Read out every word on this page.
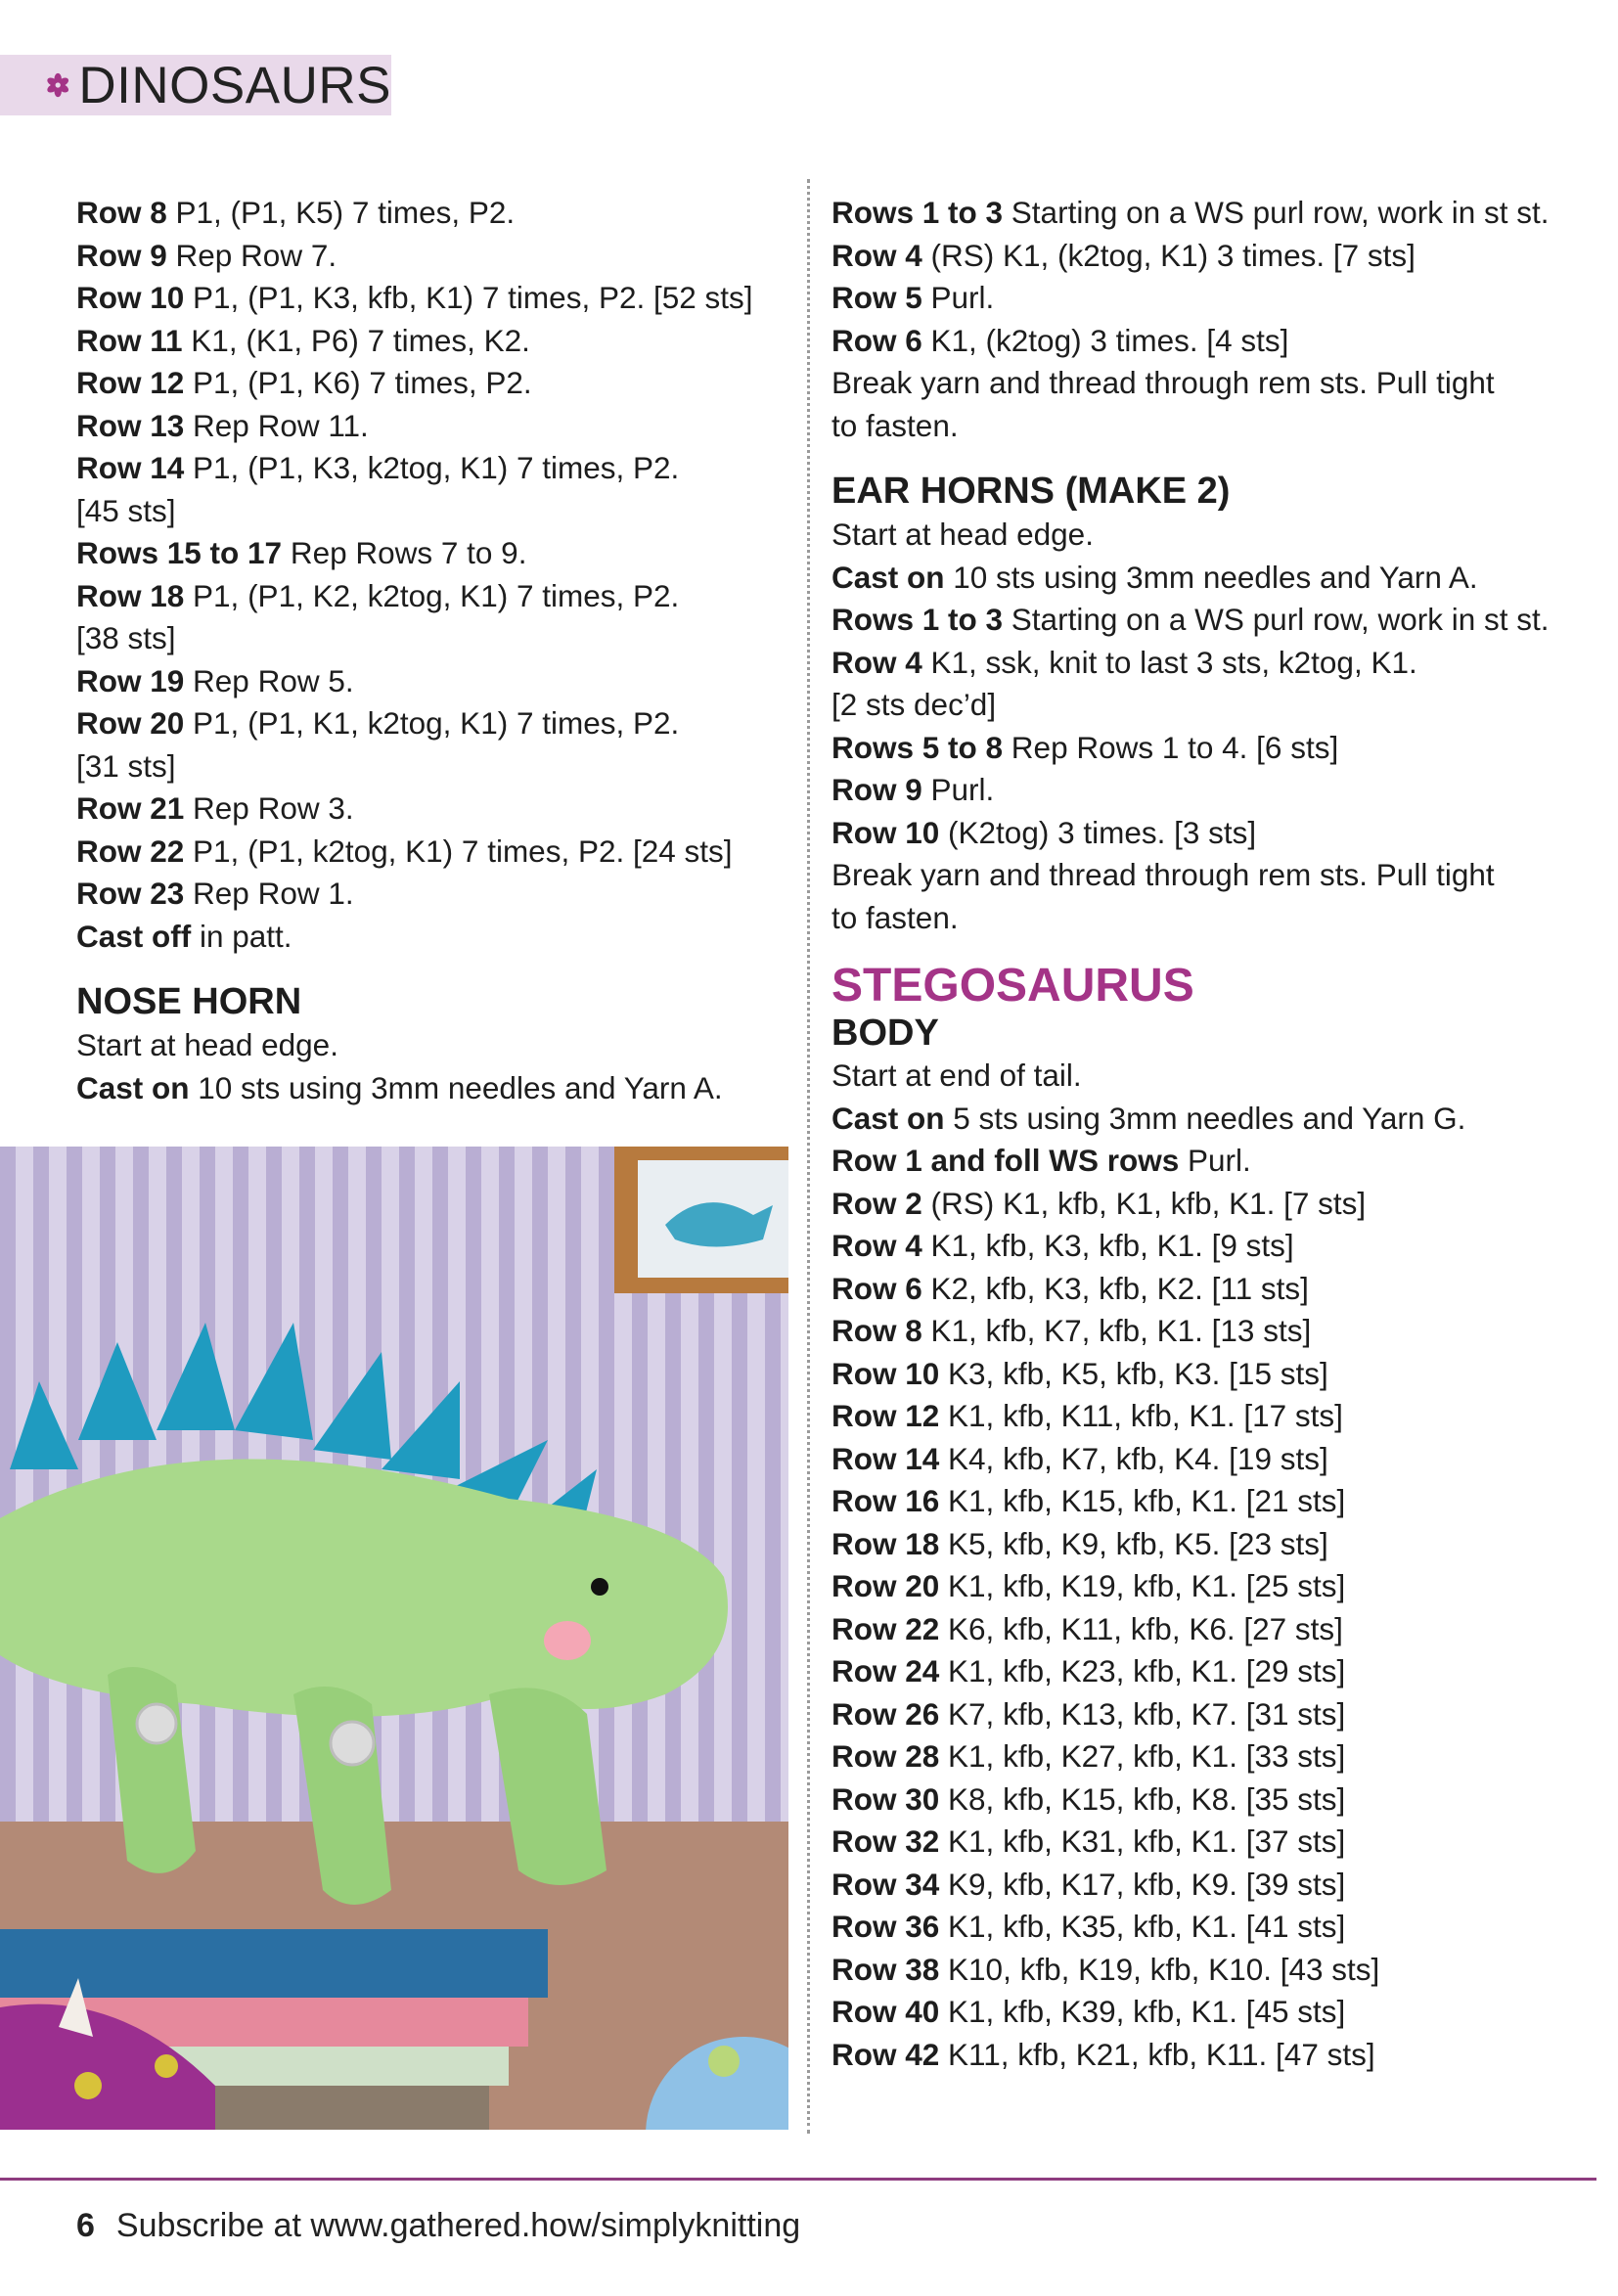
DINOSAURS
Row 8 P1, (P1, K5) 7 times, P2.
Row 9 Rep Row 7.
Row 10 P1, (P1, K3, kfb, K1) 7 times, P2. [52 sts]
Row 11 K1, (K1, P6) 7 times, K2.
Row 12 P1, (P1, K6) 7 times, P2.
Row 13 Rep Row 11.
Row 14 P1, (P1, K3, k2tog, K1) 7 times, P2.
[45 sts]
Rows 15 to 17 Rep Rows 7 to 9.
Row 18 P1, (P1, K2, k2tog, K1) 7 times, P2.
[38 sts]
Row 19 Rep Row 5.
Row 20 P1, (P1, K1, k2tog, K1) 7 times, P2.
[31 sts]
Row 21 Rep Row 3.
Row 22 P1, (P1, k2tog, K1) 7 times, P2. [24 sts]
Row 23 Rep Row 1.
Cast off in patt.
NOSE HORN
Start at head edge.
Cast on 10 sts using 3mm needles and Yarn A.
Rows 1 to 3 Starting on a WS purl row, work in st st.
Row 4 (RS) K1, (k2tog, K1) 3 times. [7 sts]
Row 5 Purl.
Row 6 K1, (k2tog) 3 times. [4 sts]
Break yarn and thread through rem sts. Pull tight
to fasten.
EAR HORNS (MAKE 2)
Start at head edge.
Cast on 10 sts using 3mm needles and Yarn A.
Rows 1 to 3 Starting on a WS purl row, work in st st.
Row 4 K1, ssk, knit to last 3 sts, k2tog, K1.
[2 sts dec’d]
Rows 5 to 8 Rep Rows 1 to 4. [6 sts]
Row 9 Purl.
Row 10 (K2tog) 3 times. [3 sts]
Break yarn and thread through rem sts. Pull tight
to fasten.
STEGOSAURUS
BODY
Start at end of tail.
Cast on 5 sts using 3mm needles and Yarn G.
Row 1 and foll WS rows Purl.
Row 2 (RS) K1, kfb, K1, kfb, K1. [7 sts]
Row 4 K1, kfb, K3, kfb, K1. [9 sts]
Row 6 K2, kfb, K3, kfb, K2. [11 sts]
Row 8 K1, kfb, K7, kfb, K1. [13 sts]
Row 10 K3, kfb, K5, kfb, K3. [15 sts]
Row 12 K1, kfb, K11, kfb, K1. [17 sts]
Row 14 K4, kfb, K7, kfb, K4. [19 sts]
Row 16 K1, kfb, K15, kfb, K1. [21 sts]
Row 18 K5, kfb, K9, kfb, K5. [23 sts]
Row 20 K1, kfb, K19, kfb, K1. [25 sts]
Row 22 K6, kfb, K11, kfb, K6. [27 sts]
Row 24 K1, kfb, K23, kfb, K1. [29 sts]
Row 26 K7, kfb, K13, kfb, K7. [31 sts]
Row 28 K1, kfb, K27, kfb, K1. [33 sts]
Row 30 K8, kfb, K15, kfb, K8. [35 sts]
Row 32 K1, kfb, K31, kfb, K1. [37 sts]
Row 34 K9, kfb, K17, kfb, K9. [39 sts]
Row 36 K1, kfb, K35, kfb, K1. [41 sts]
Row 38 K10, kfb, K19, kfb, K10. [43 sts]
Row 40 K1, kfb, K39, kfb, K1. [45 sts]
Row 42 K11, kfb, K21, kfb, K11. [47 sts]
6 Subscribe at www.gathered.how/simplyknitting
